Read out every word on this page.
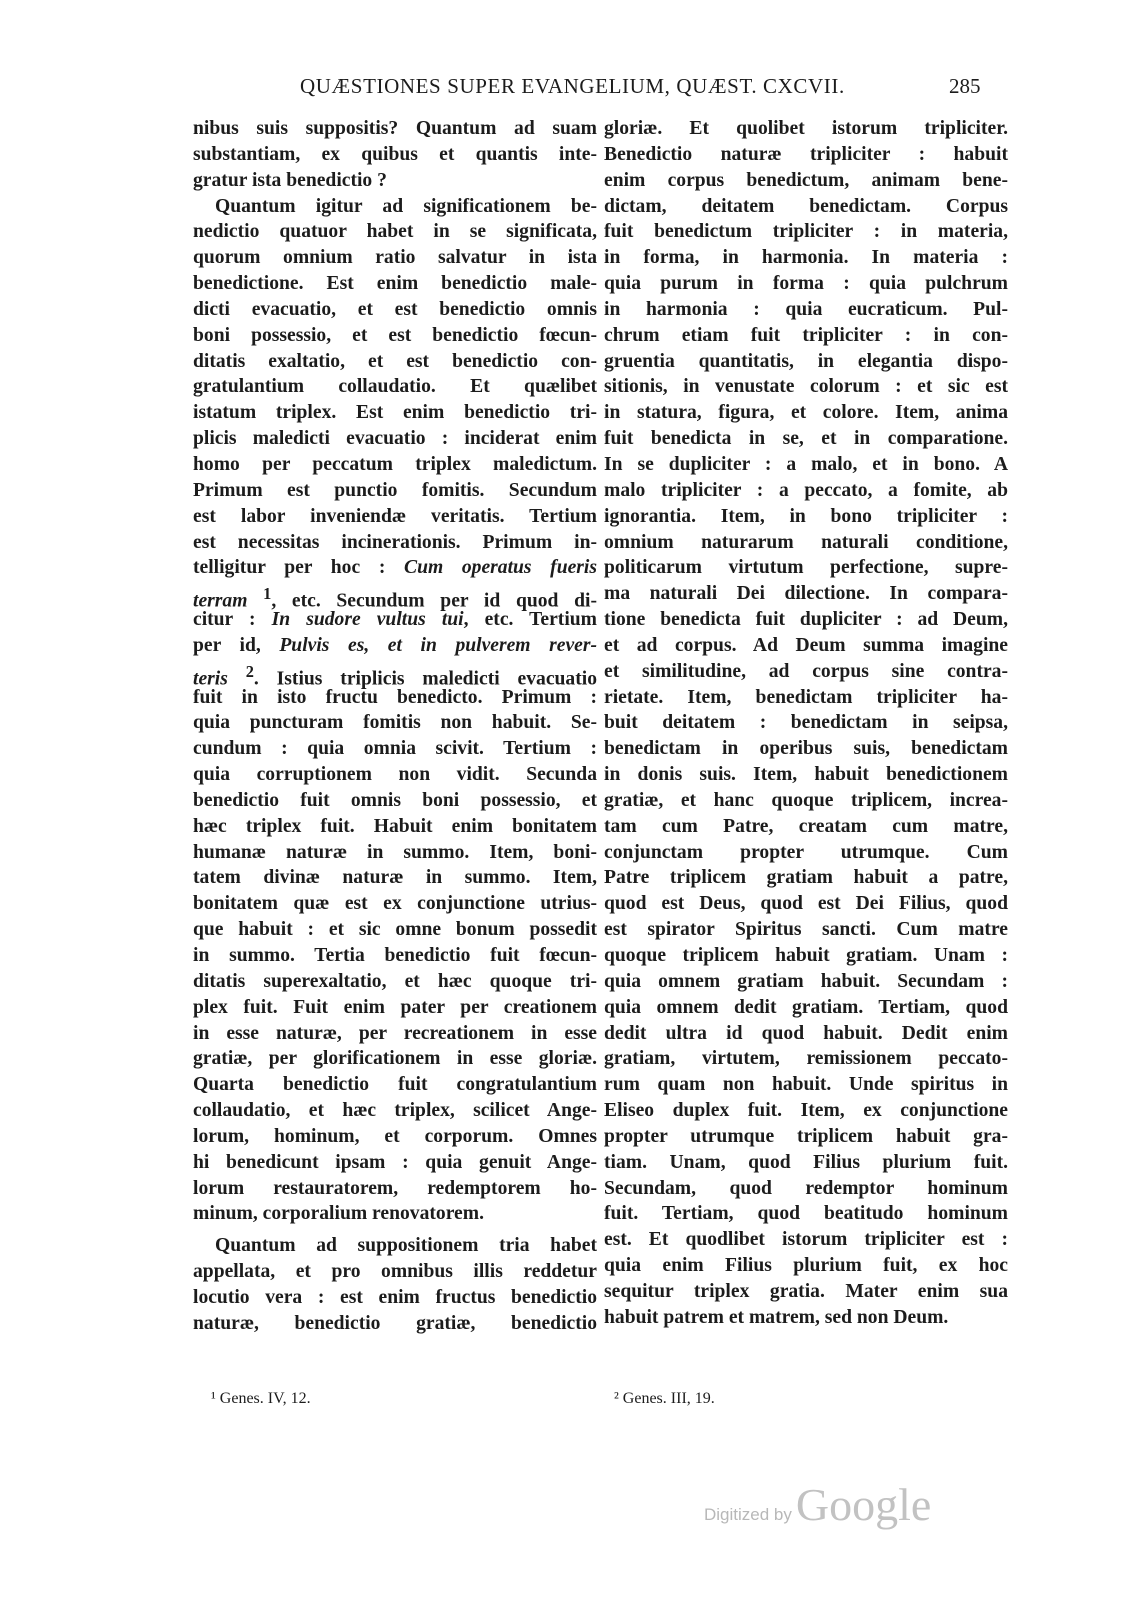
QUÆSTIONES SUPER EVANGELIUM, QUÆST. CXCVII.	285
nibus suis suppositis? Quantum ad suam
substantiam, ex quibus et quantis inte-
gratur ista benedictio ?
Quantum igitur ad significationem be-
nedictio quatuor habet in se significata,
quorum omnium ratio salvatur in ista
benedictione. Est enim benedictio male-
dicti evacuatio, et est benedictio omnis
boni possessio, et est benedictio fœcun-
ditatis exaltatio, et est benedictio con-
gratulantium collaudatio. Et quælibet
istatum triplex. Est enim benedictio tri-
plicis maledicti evacuatio : inciderat enim
homo per peccatum triplex maledictum.
Primum est punctio fomitis. Secundum
est labor inveniendæ veritatis. Tertium
est necessitas incinerationis. Primum in-
telligitur per hoc : Cum operatus fueris
terram $^1$, etc. Secundum per id quod di-
citur : In sudore vultus tui, etc. Tertium
per id, Pulvis es, et in pulverem rever-
teris $^2$. Istius triplicis maledicti evacuatio
fuit in isto fructu benedicto. Primum :
quia puncturam fomitis non habuit. Se-
cundum : quia omnia scivit. Tertium :
quia corruptionem non vidit. Secunda
benedictio fuit omnis boni possessio, et
hæc triplex fuit. Habuit enim bonitatem
humanæ naturæ in summo. Item, boni-
tatem divinæ naturæ in summo. Item,
bonitatem quæ est ex conjunctione utrius-
que habuit : et sic omne bonum possedit
in summo. Tertia benedictio fuit fœcun-
ditatis superexaltatio, et hæc quoque tri-
plex fuit. Fuit enim pater per creationem
in esse naturæ, per recreationem in esse
gratiæ, per glorificationem in esse gloriæ.
Quarta benedictio fuit congratulantium
collaudatio, et hæc triplex, scilicet Ange-
lorum, hominum, et corporum. Omnes
hi benedicunt ipsam : quia genuit Ange-
lorum restauratorem, redemptorem ho-
minum, corporalium renovatorem.
Quantum ad suppositionem tria habet
appellata, et pro omnibus illis reddetur
locutio vera : est enim fructus benedictio
naturæ, benedictio gratiæ, benedictio
gloriæ. Et quolibet istorum tripliciter.
Benedictio naturæ tripliciter : habuit
enim corpus benedictum, animam bene-
dictam, deitatem benedictam. Corpus
fuit benedictum tripliciter : in materia,
in forma, in harmonia. In materia :
quia purum in forma : quia pulchrum
in harmonia : quia eucraticum. Pul-
chrum etiam fuit tripliciter : in con-
gruentia quantitatis, in elegantia dispo-
sitionis, in venustate colorum : et sic est
in statura, figura, et colore. Item, anima
fuit benedicta in se, et in comparatione.
In se dupliciter : a malo, et in bono. A
malo tripliciter : a peccato, a fomite, ab
ignorantia. Item, in bono tripliciter :
omnium naturarum naturali conditione,
politicarum virtutum perfectione, supre-
ma naturali Dei dilectione. In compara-
tione benedicta fuit dupliciter : ad Deum,
et ad corpus. Ad Deum summa imagine
et similitudine, ad corpus sine contra-
rietate. Item, benedictam tripliciter ha-
buit deitatem : benedictam in seipsa,
benedictam in operibus suis, benedictam
in donis suis. Item, habuit benedictionem
gratiæ, et hanc quoque triplicem, increa-
tam cum Patre, creatam cum matre,
conjunctam propter utrumque. Cum
Patre triplicem gratiam habuit a patre,
quod est Deus, quod est Dei Filius, quod
est spirator Spiritus sancti. Cum matre
quoque triplicem habuit gratiam. Unam :
quia omnem gratiam habuit. Secundam :
quia omnem dedit gratiam. Tertiam, quod
dedit ultra id quod habuit. Dedit enim
gratiam, virtutem, remissionem peccato-
rum quam non habuit. Unde spiritus in
Eliseo duplex fuit. Item, ex conjunctione
propter utrumque triplicem habuit gra-
tiam. Unam, quod Filius plurium fuit.
Secundam, quod redemptor hominum
fuit. Tertiam, quod beatitudo hominum
est. Et quodlibet istorum tripliciter est :
quia enim Filius plurium fuit, ex hoc
sequitur triplex gratia. Mater enim sua
habuit patrem et matrem, sed non Deum.
¹ Genes. IV, 12.	² Genes. III, 19.
Digitized by Google
